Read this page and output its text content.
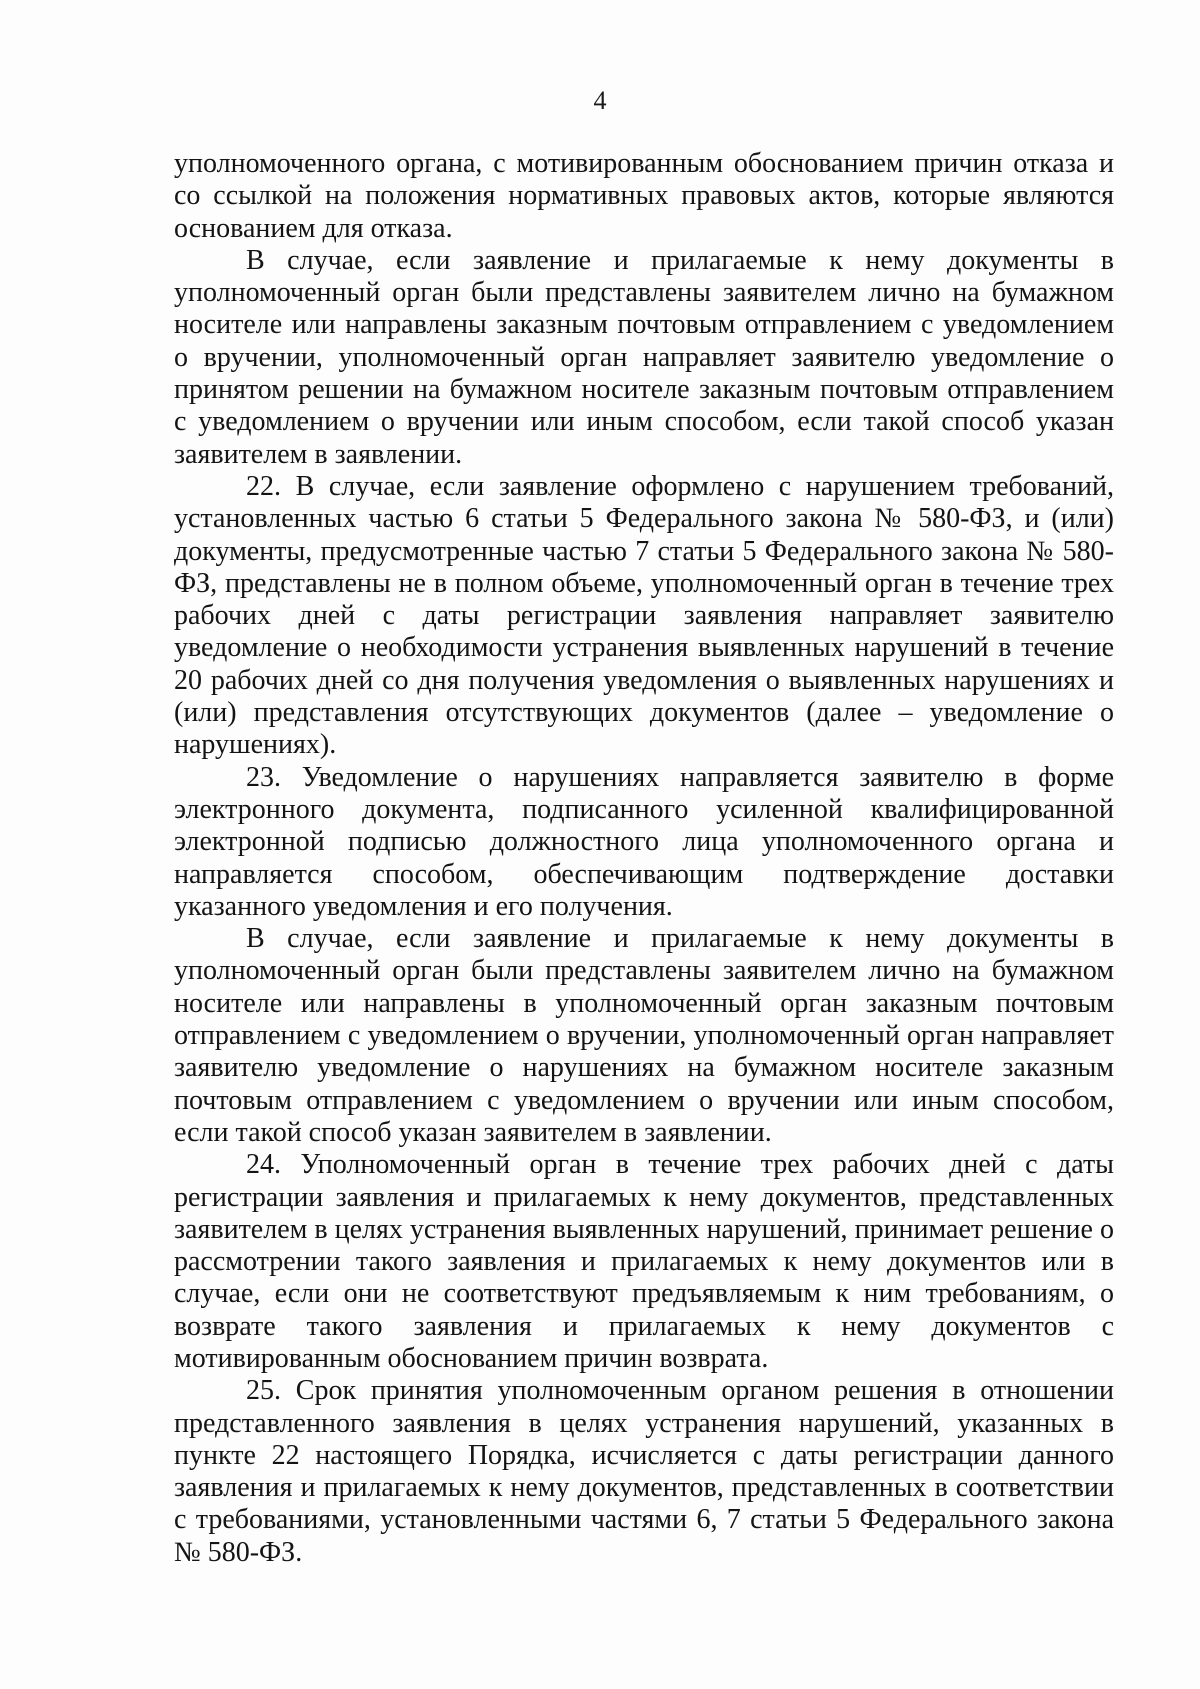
4

уполномоченного органа, с мотивированным обоснованием причин отказа и со ссылкой на положения нормативных правовых актов, которые являются основанием для отказа.

В случае, если заявление и прилагаемые к нему документы в уполномоченный орган были представлены заявителем лично на бумажном носителе или направлены заказным почтовым отправлением с уведомлением о вручении, уполномоченный орган направляет заявителю уведомление о принятом решении на бумажном носителе заказным почтовым отправлением с уведомлением о вручении или иным способом, если такой способ указан заявителем в заявлении.

22. В случае, если заявление оформлено с нарушением требований, установленных частью 6 статьи 5 Федерального закона № 580-ФЗ, и (или) документы, предусмотренные частью 7 статьи 5 Федерального закона № 580-ФЗ, представлены не в полном объеме, уполномоченный орган в течение трех рабочих дней с даты регистрации заявления направляет заявителю уведомление о необходимости устранения выявленных нарушений в течение 20 рабочих дней со дня получения уведомления о выявленных нарушениях и (или) представления отсутствующих документов (далее – уведомление о нарушениях).

23. Уведомление о нарушениях направляется заявителю в форме электронного документа, подписанного усиленной квалифицированной электронной подписью должностного лица уполномоченного органа и направляется способом, обеспечивающим подтверждение доставки указанного уведомления и его получения.

В случае, если заявление и прилагаемые к нему документы в уполномоченный орган были представлены заявителем лично на бумажном носителе или направлены в уполномоченный орган заказным почтовым отправлением с уведомлением о вручении, уполномоченный орган направляет заявителю уведомление о нарушениях на бумажном носителе заказным почтовым отправлением с уведомлением о вручении или иным способом, если такой способ указан заявителем в заявлении.

24. Уполномоченный орган в течение трех рабочих дней с даты регистрации заявления и прилагаемых к нему документов, представленных заявителем в целях устранения выявленных нарушений, принимает решение о рассмотрении такого заявления и прилагаемых к нему документов или в случае, если они не соответствуют предъявляемым к ним требованиям, о возврате такого заявления и прилагаемых к нему документов с мотивированным обоснованием причин возврата.

25. Срок принятия уполномоченным органом решения в отношении представленного заявления в целях устранения нарушений, указанных в пункте 22 настоящего Порядка, исчисляется с даты регистрации данного заявления и прилагаемых к нему документов, представленных в соответствии с требованиями, установленными частями 6, 7 статьи 5 Федерального закона № 580-ФЗ.
